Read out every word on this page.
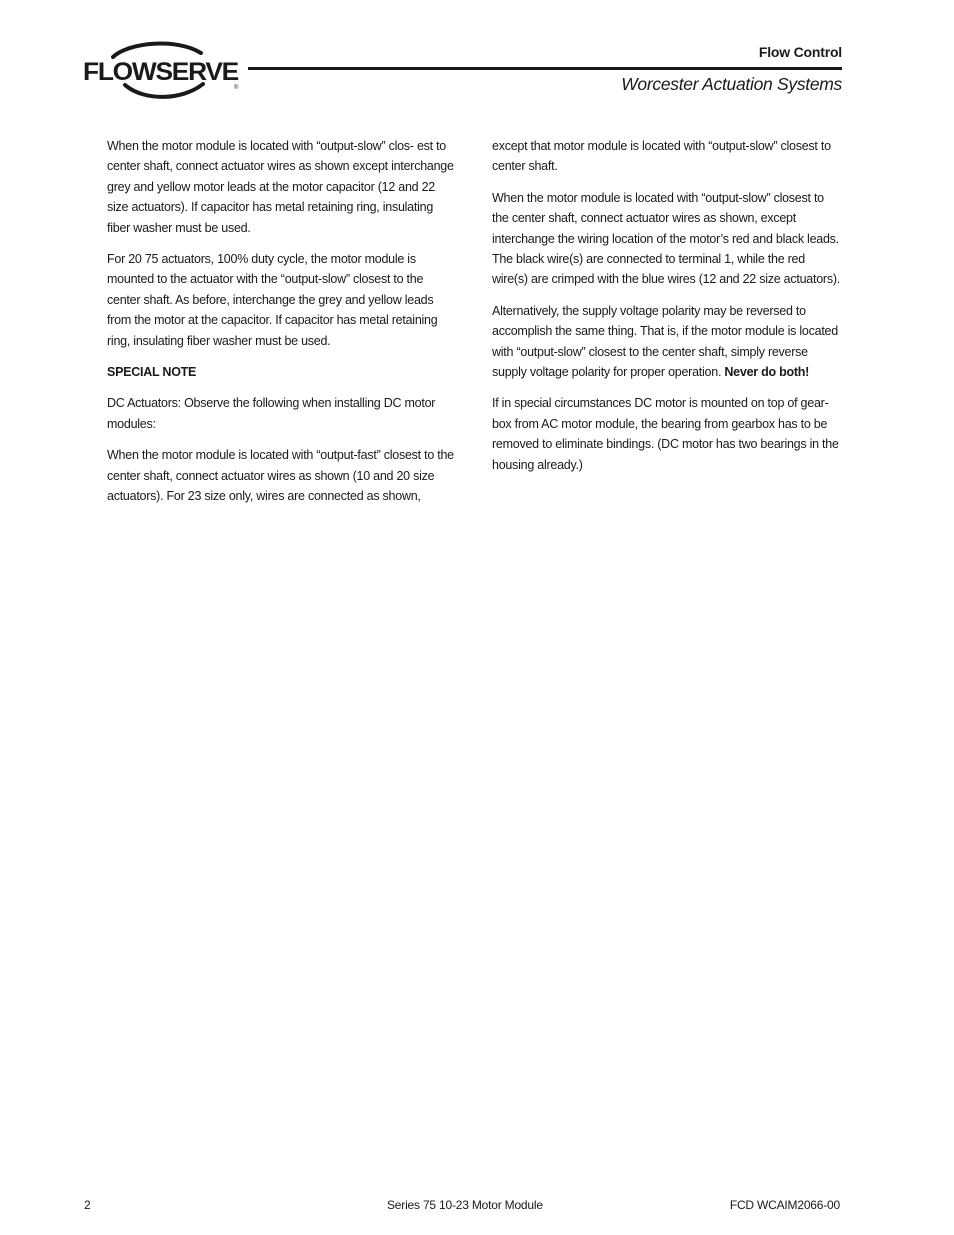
FLOWSERVE
®
Flow Control
Worcester Actuation Systems

When the motor module is located with “output-slow” clos- est to center shaft, connect actuator wires as shown except interchange grey and yellow motor leads at the motor capacitor (12 and 22 size actuators). If capacitor has metal retaining ring, insulating fiber washer must be used.

For 20 75 actuators, 100% duty cycle, the motor module is mounted to the actuator with the “output-slow” closest to the center shaft. As before, interchange the grey and yellow leads from the motor at the capacitor. If capacitor has metal retaining ring, insulating fiber washer must be used.

SPECIAL NOTE

DC Actuators: Observe the following when installing DC motor modules:

When the motor module is located with “output-fast” closest to the center shaft, connect actuator wires as shown (10 and 20 size actuators). For 23 size only, wires are connected as shown,

except that motor module is located with “output-slow” closest to center shaft.

When the motor module is located with “output-slow” closest to the center shaft, connect actuator wires as shown, except interchange the wiring location of the motor’s red and black leads. The black wire(s) are connected to terminal 1, while the red wire(s) are crimped with the blue wires (12 and 22 size actuators).

Alternatively, the supply voltage polarity may be reversed to accomplish the same thing. That is, if the motor module is located with “output-slow” closest to the center shaft, simply reverse supply voltage polarity for proper operation. Never do both!

If in special circumstances DC motor is mounted on top of gear- box from AC motor module, the bearing from gearbox has to be removed to eliminate bindings. (DC motor has two bearings in the housing already.)

2	Series 75 10-23 Motor Module	FCD WCAIM2066-00
